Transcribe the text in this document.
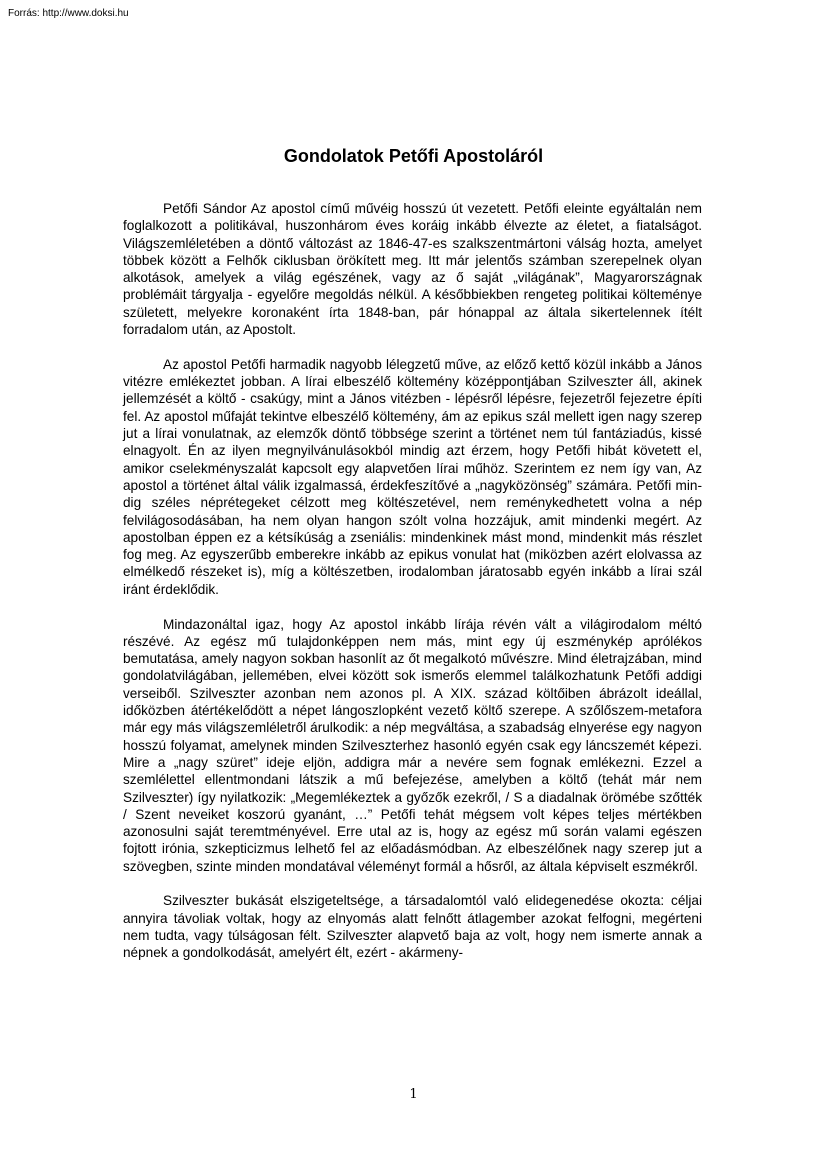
Forrás: http://www.doksi.hu
Gondolatok Petőfi Apostoláról

Petőfi Sándor Az apostol című művéig hosszú út vezetett. Petőfi eleinte egyáltalán nem foglalkozott a politikával, huszonhárom éves koráig inkább élvezte az életet, a fiatalságot. Világszemléletében a döntő változást az 1846-47-es szalkszentmártoni válság hozta, amelyet többek között a Felhők ciklusban örökített meg. Itt már jelentős számban szerepelnek olyan alkotások, amelyek a világ egészének, vagy az ő saját „világának”, Magyarországnak problémáit tárgyalja - egyelőre megoldás nélkül. A későbbiekben rengeteg politikai költeménye született, melyekre koronaként írta 1848-ban, pár hónappal az általa sikertelennek ítélt forradalom után, az Apostolt.

Az apostol Petőfi harmadik nagyobb lélegzetű műve, az előző kettő közül inkább a János vitézre emlékeztet jobban. A lírai elbeszélő költemény középpontjában Szilveszter áll, akinek jellemzését a költő - csakúgy, mint a János vitézben - lépésről lépésre, fejezetről fejezetre építi fel. Az apostol műfaját tekintve elbeszélő költemény, ám az epikus szál mellett igen nagy szerep jut a lírai vonulatnak, az elemzők döntő többsége szerint a történet nem túl fantáziadús, kissé elnagyolt. Én az ilyen megnyilvánulásokból mindig azt érzem, hogy Petőfi hibát követett el, amikor cselekményszalát kapcsolt egy alapvetően lírai műhöz. Szerintem ez nem így van, Az apostol a történet által válik izgalmassá, érdekfeszítővé a „nagyközönség” számára. Petőfi mindig széles néprétegeket célzott meg költészetével, nem reménykedhetett volna a nép felvilágosodásában, ha nem olyan hangon szólt volna hozzájuk, amit mindenki megért. Az apostolban éppen ez a kétsíkúság a zseniális: mindenkinek mást mond, mindenkit más részlet fog meg. Az egyszerűbb emberekre inkább az epikus vonulat hat (miközben azért elolvassa az elmélkedő részeket is), míg a költészetben, irodalomban járatosabb egyén inkább a lírai szál iránt érdeklődik.

Mindazonáltal igaz, hogy Az apostol inkább lírája révén vált a világirodalom méltó részévé. Az egész mű tulajdonképpen nem más, mint egy új eszménykép aprólékos bemutatása, amely nagyon sokban hasonlít az őt megalkotó művészre. Mind életrajzában, mind gondolatvilágában, jellemében, elvei között sok ismerős elemmel találkozhatunk Petőfi addigi verseiből. Szilveszter azonban nem azonos pl. A XIX. század költőiben ábrázolt ideállal, időközben átértékelődött a népet lángoszlopként vezető költő szerepe. A szőlőszem-metafora már egy más világszemléletről árulkodik: a nép megváltása, a szabadság elnyerése egy nagyon hosszú folyamat, amelynek minden Szilveszterhez hasonló egyén csak egy láncszemét képezi. Mire a „nagy szüret” ideje eljön, addigra már a nevére sem fognak emlékezni. Ezzel a szemlélettel ellentmondani látszik a mű befejezése, amelyben a költő (tehát már nem Szilveszter) így nyilatkozik: „Megemlékeztek a győzők ezekről, / S a diadalnak örömébe szőtték / Szent neveiket koszorú gyanánt, …” Petőfi tehát mégsem volt képes teljes mértékben azonosulni saját teremtményével. Erre utal az is, hogy az egész mű során valami egészen fojtott irónia, szkepticizmus lelhető fel az előadásmódban. Az elbeszélőnek nagy szerep jut a szövegben, szinte minden mondatával véleményt formál a hősről, az általa képviselt eszmékről.

Szilveszter bukását elszigeteltsége, a társadalomtól való elidegenedése okozta: céljai annyira távoliak voltak, hogy az elnyomás alatt felnőtt átlagember azokat felfogni, megérteni nem tudta, vagy túlságosan félt. Szilveszter alapvető baja az volt, hogy nem ismerte annak a népnek a gondolkodását, amelyért élt, ezért - akármeny-

1
